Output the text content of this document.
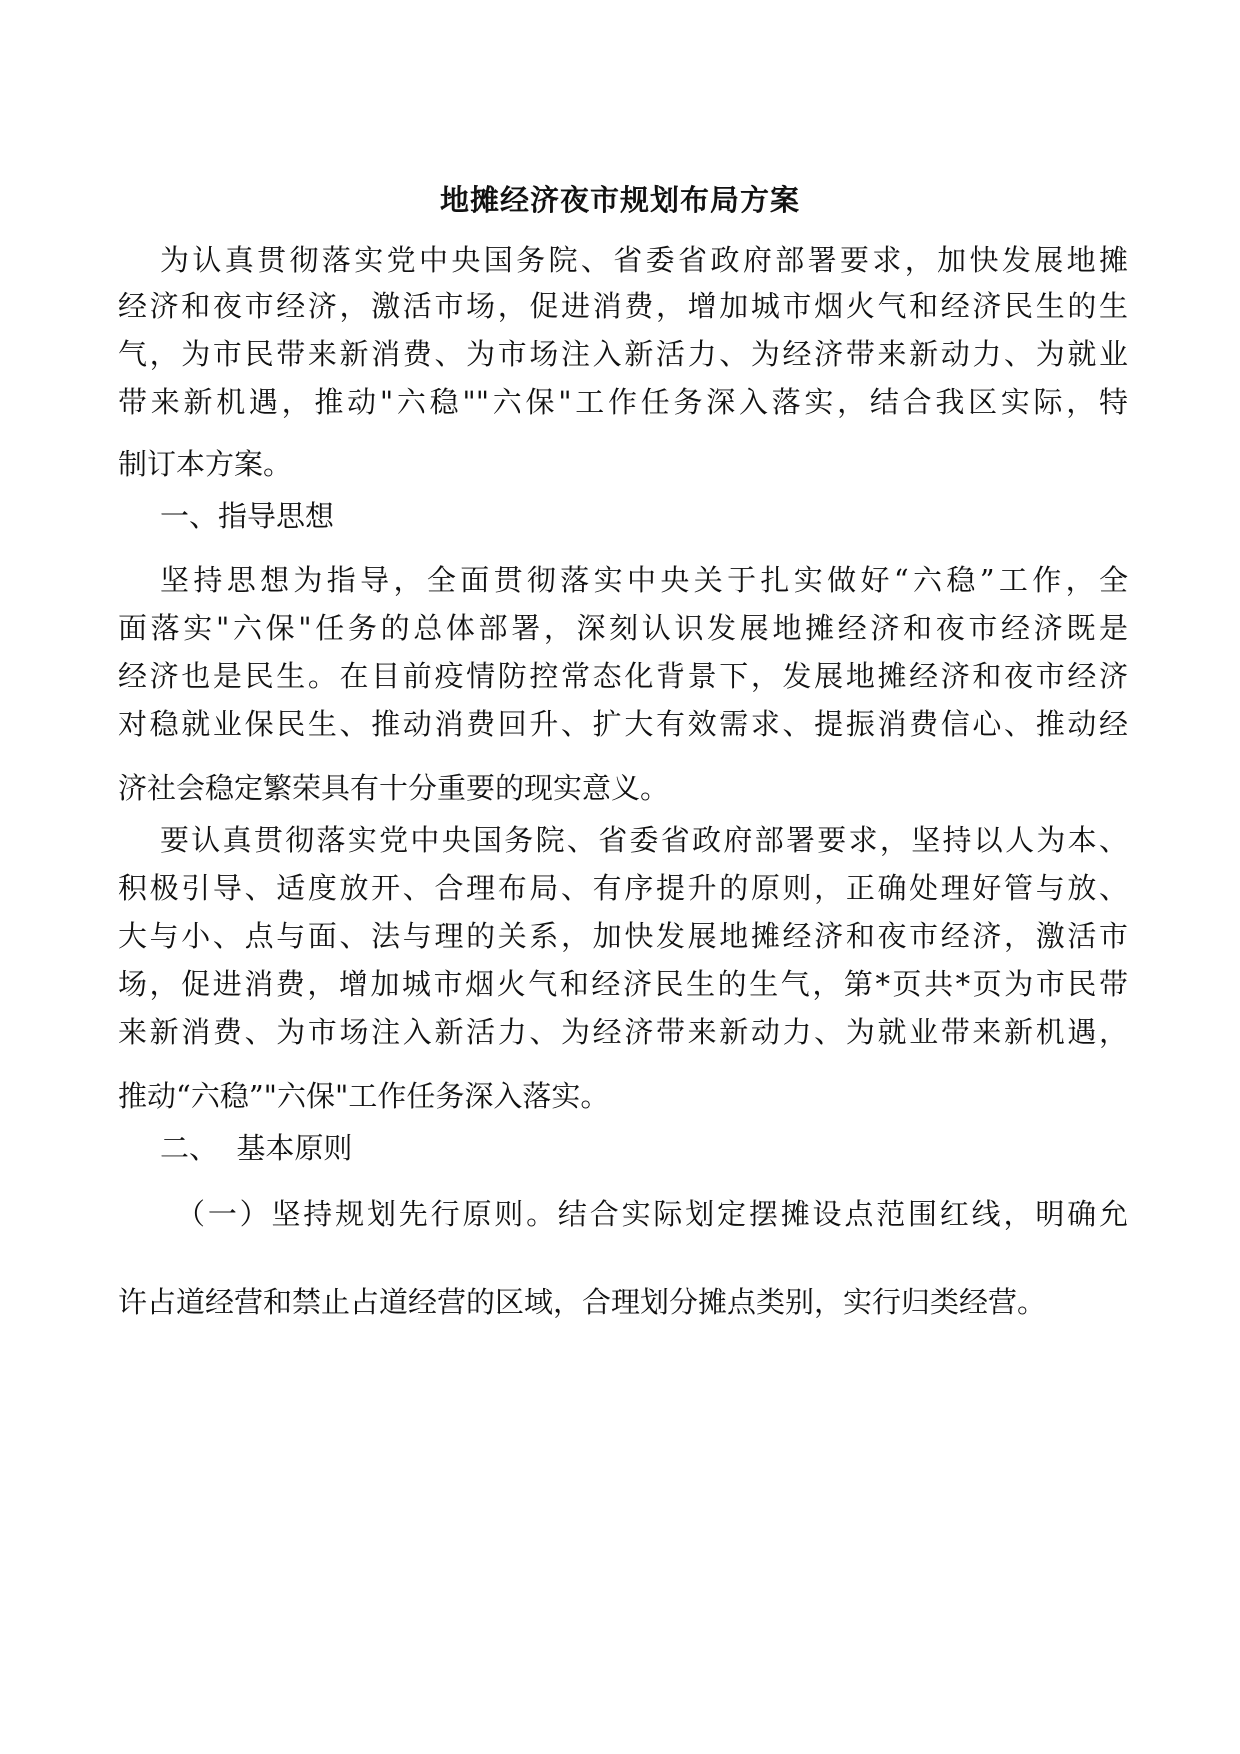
地摊经济夜市规划布局方案
为认真贯彻落实党中央国务院、省委省政府部署要求，加快发展地摊
经济和夜市经济，激活市场，促进消费，增加城市烟火气和经济民生的生
气，为市民带来新消费、为市场注入新活力、为经济带来新动力、为就业
带来新机遇，推动"六稳""六保"工作任务深入落实，结合我区实际，特
制订本方案。
一、指导思想
坚持思想为指导，全面贯彻落实中央关于扎实做好“六稳”工作，全
面落实"六保"任务的总体部署，深刻认识发展地摊经济和夜市经济既是
经济也是民生。在目前疫情防控常态化背景下，发展地摊经济和夜市经济
对稳就业保民生、推动消费回升、扩大有效需求、提振消费信心、推动经
济社会稳定繁荣具有十分重要的现实意义。
要认真贯彻落实党中央国务院、省委省政府部署要求，坚持以人为本、
积极引导、适度放开、合理布局、有序提升的原则，正确处理好管与放、
大与小、点与面、法与理的关系，加快发展地摊经济和夜市经济，激活市
场，促进消费，增加城市烟火气和经济民生的生气，第*页共*页为市民带
来新消费、为市场注入新活力、为经济带来新动力、为就业带来新机遇，
推动“六稳”"六保"工作任务深入落实。
二、  基本原则
（一）坚持规划先行原则。结合实际划定摆摊设点范围红线，明确允
许占道经营和禁止占道经营的区域，合理划分摊点类别，实行归类经营。
